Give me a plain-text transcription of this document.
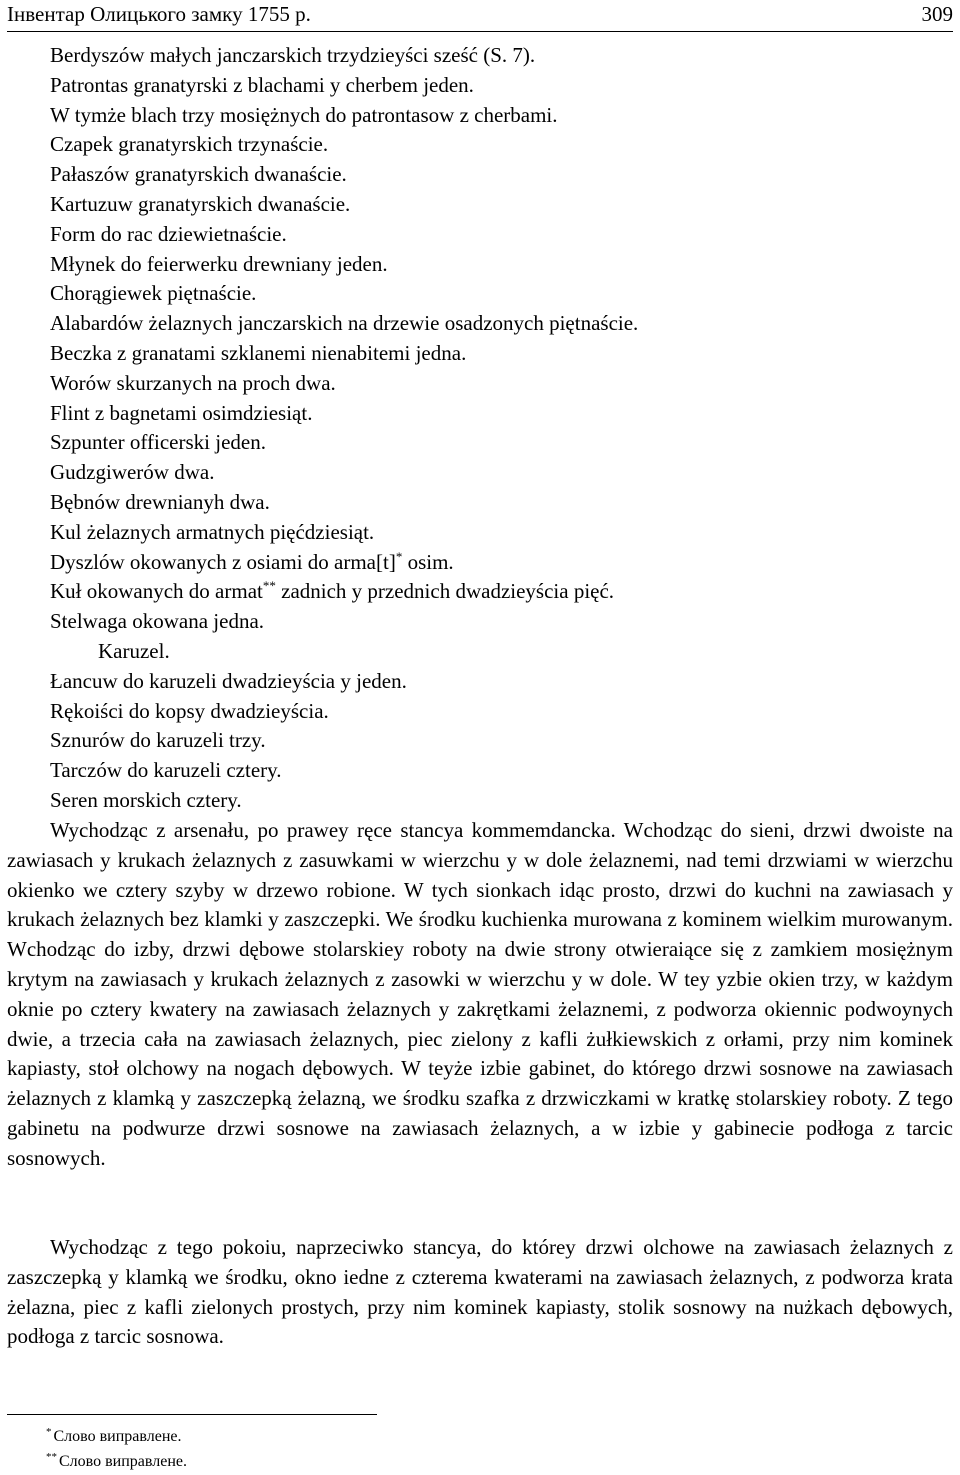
Інвентар Олицького замку 1755 р.	309
Berdyszów małych janczarskich trzydzieyści sześć (S. 7).
Patrontas granatyrski z blachami y cherbem jeden.
W tymże blach trzy mosiężnych do patrontasow z cherbami.
Czapek granatyrskich trzynaście.
Pałaszów granatyrskich dwanaście.
Kartuzuw granatyrskich dwanaście.
Form do rac dziewietnaście.
Młynek do feierwerku drewniany jeden.
Chorągiewek piętnaście.
Alabardów żelaznych janczarskich na drzewie osadzonych piętnaście.
Beczka z granatami szklanemi nienabitemi jedna.
Worów skurzanych na proch dwa.
Flint z bagnetami osimdziesiąt.
Szpunter officerski jeden.
Gudzgiwerów dwa.
Bębnów drewnianyh dwa.
Kul żelaznych armatnych pięćdziesiąt.
Dyszlów okowanych z osiami do arma[t]* osim.
Kuł okowanych do armat** zadnich y przednich dwadzieyścia pięć.
Stelwaga okowana jedna.
Karuzel.
Łancuw do karuzeli dwadzieyścia y jeden.
Rękoiści do kopsy dwadzieyścia.
Sznurów do karuzeli trzy.
Tarczów do karuzeli cztery.
Seren morskich cztery.

Wychodząc z arsenału, po prawey ręce stancya kommemdancka. Wchodząc do sieni, drzwi dwoiste na zawiasach y krukach żelaznych z zasuwkami w wierzchu y w dole żelaznemi, nad temi drzwiami w wierzchu okienko we cztery szyby w drzewo robione. W tych sionkach idąc prosto, drzwi do kuchni na zawiasach y krukach żelaznych bez klamki y zaszczepki. We środku kuchienka murowana z kominem wielkim murowanym. Wchodząc do izby, drzwi dębowe stolarskiey roboty na dwie strony otwieraiące się z zamkiem mosiężnym krytym na zawiasach y krukach żelaznych z zasowki w wierzchu y w dole. W tey yzbie okien trzy, w każdym oknie po cztery kwatery na zawiasach żelaznych y zakrętkami żelaznemi, z podworza okiennic podwoynych dwie, a trzecia cała na zawiasach żelaznych, piec zielony z kafli żułkiewskich z orłami, przy nim kominek kapiasty, stoł olchowy na nogach dębowych. W teyże izbie gabinet, do którego drzwi sosnowe na zawiasach żelaznych z klamką y zaszczepką żelazną, we środku szafka z drzwiczkami w kratkę stolarskiey roboty. Z tego gabinetu na podwurze drzwi sosnowe na zawiasach żelaznych, a w izbie y gabinecie podłoga z tarcic sosnowych.

Wychodząc z tego pokoiu, naprzeciwko stancya, do którey drzwi olchowe na zawiasach żelaznych z zaszczepką y klamką we środku, okno iedne z czterema kwaterami na zawiasach żelaznych, z podworza krata żelazna, piec z kafli zielonych prostych, przy nim kominek kapiasty, stolik sosnowy na nużkach dębowych, podłoga z tarcic sosnowa.

* Слово виправлене.
** Слово виправлене.
